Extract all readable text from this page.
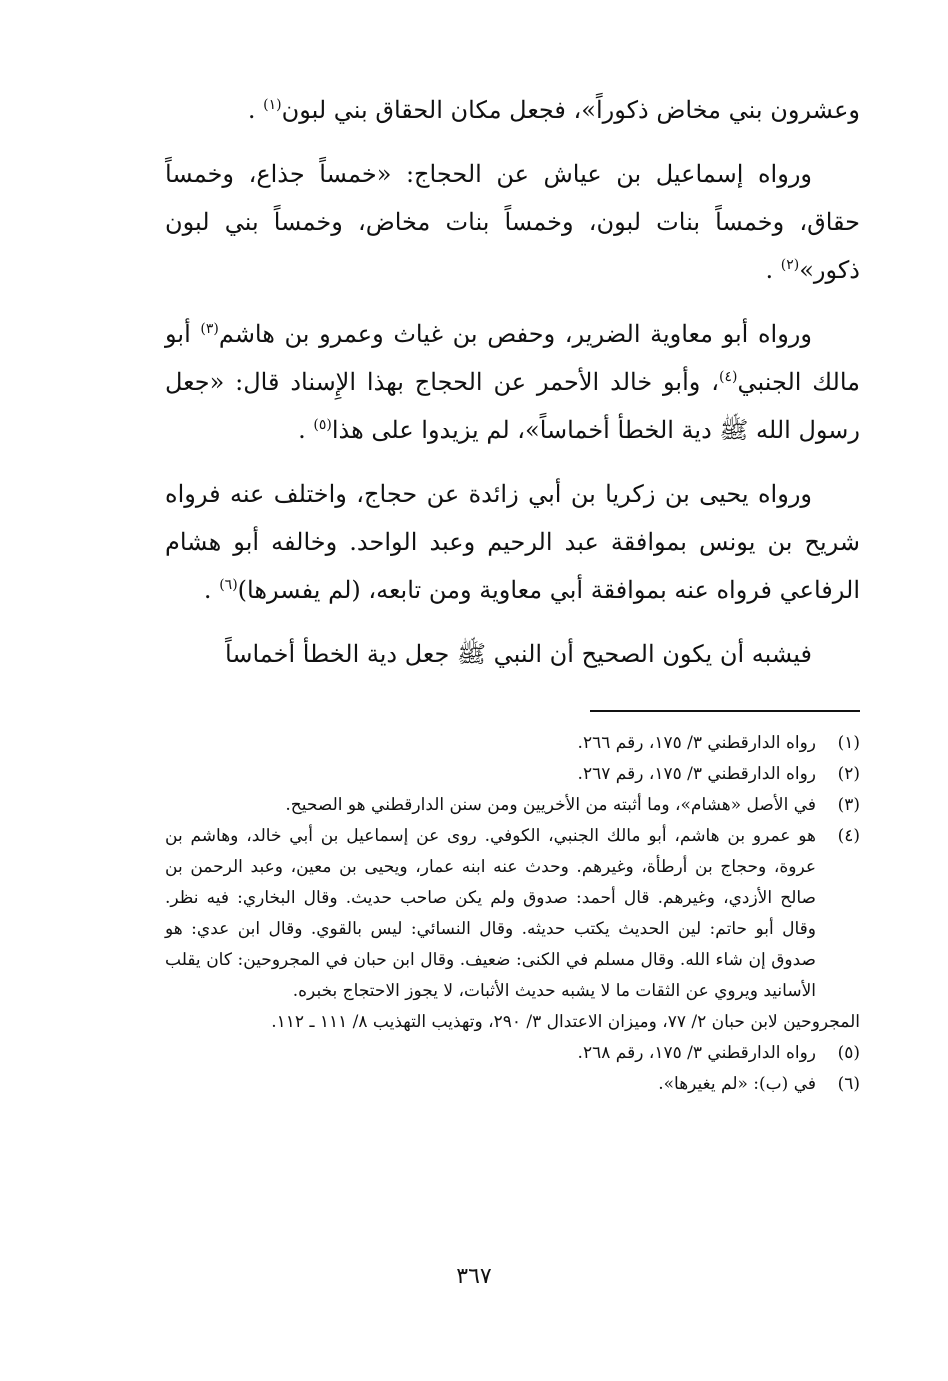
وعشرون بني مخاض ذكوراً»، فجعل مكان الحقاق بني لبون$^{(١)}$ .

ورواه إسماعيل بن عياش عن الحجاج: «خمساً جذاع، وخمساً حقاق، وخمساً بنات لبون، وخمساً بنات مخاض، وخمساً بني لبون ذكور»$^{(٢)}$ .

ورواه أبو معاوية الضرير، وحفص بن غياث وعمرو بن هاشم$^{(٣)}$ أبو مالك الجنبي$^{(٤)}$، وأبو خالد الأحمر عن الحجاج بهذا الإِسناد قال: «جعل رسول الله ﷺ دية الخطأ أخماساً»، لم يزيدوا على هذا$^{(٥)}$ .

ورواه يحيى بن زكريا بن أبي زائدة عن حجاج، واختلف عنه فرواه شريح بن يونس بموافقة عبد الرحيم وعبد الواحد. وخالفه أبو هشام الرفاعي فرواه عنه بموافقة أبي معاوية ومن تابعه، (لم يفسرها)$^{(٦)}$ .

فيشبه أن يكون الصحيح أن النبي ﷺ جعل دية الخطأ أخماساً

(١)
رواه الدارقطني ٣/ ١٧٥، رقم ٢٦٦.
(٢)
رواه الدارقطني ٣/ ١٧٥، رقم ٢٦٧.
(٣)
في الأصل «هشام»، وما أثبته من الأخريين ومن سنن الدارقطني هو الصحيح.
(٤)
هو عمرو بن هاشم، أبو مالك الجنبي، الكوفي. روى عن إسماعيل بن أبي خالد، وهاشم بن عروة، وحجاج بن أرطأة، وغيرهم. وحدث عنه ابنه عمار، ويحيى بن معين، وعبد الرحمن بن صالح الأزدي، وغيرهم. قال أحمد: صدوق ولم يكن صاحب حديث. وقال البخاري: فيه نظر. وقال أبو حاتم: لين الحديث يكتب حديثه. وقال النسائي: ليس بالقوي. وقال ابن عدي: هو صدوق إن شاء الله. وقال مسلم في الكنى: ضعيف. وقال ابن حبان في المجروحين: كان يقلب الأسانيد ويروي عن الثقات ما لا يشبه حديث الأثبات، لا يجوز الاحتجاج بخبره.
المجروحين لابن حبان ٢/ ٧٧، وميزان الاعتدال ٣/ ٢٩٠، وتهذيب التهذيب ٨/ ١١١ ـ ١١٢.
(٥)
رواه الدارقطني ٣/ ١٧٥، رقم ٢٦٨.
(٦)
في (ب): «لم يغيرها».
٣٦٧
